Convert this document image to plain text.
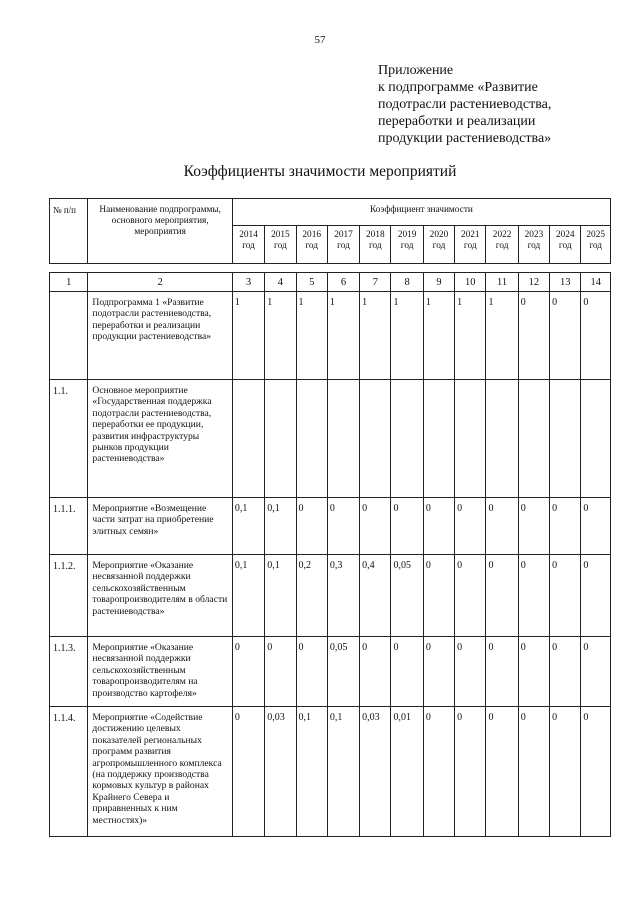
57
Приложение
к подпрограмме «Развитие
подотрасли растениеводства,
переработки и реализации
продукции растениеводства»
Коэффициенты значимости мероприятий
№ п/п	Наименование подпрограммы, основного мероприятия, мероприятия	Коэффициент значимости											
		2014 год	2015 год	2016 год	2017 год	2018 год	2019 год	2020 год	2021 год	2022 год	2023 год	2024 год	2025 год

1	2	3	4	5	6	7	8	9	10	11	12	13	14
	Подпрограмма 1 «Развитие подотрасли растениеводства, переработки и реализации продукции растениеводства»	1	1	1	1	1	1	1	1	1	0	0	0
1.1.	Основное мероприятие «Государственная поддержка подотрасли растениеводства, переработки ее продукции, развития инфраструктуры рынков продукции растениеводства»												
1.1.1.	Мероприятие «Возмещение части затрат на приобретение элитных семян»	0,1	0,1	0	0	0	0	0	0	0	0	0	0
1.1.2.	Мероприятие «Оказание несвязанной поддержки сельскохозяйственным товаропроизводителям в области растениеводства»	0,1	0,1	0,2	0,3	0,4	0,05	0	0	0	0	0	0
1.1.3.	Мероприятие «Оказание несвязанной поддержки сельскохозяйственным товаропроизводителям на производство картофеля»	0	0	0	0,05	0	0	0	0	0	0	0	0
1.1.4.	Мероприятие «Содействие достижению целевых показателей региональных программ развития агропромышленного комплекса (на поддержку производства кормовых культур в районах Крайнего Севера и приравненных к ним местностях)»	0	0,03	0,1	0,1	0,03	0,01	0	0	0	0	0	0
